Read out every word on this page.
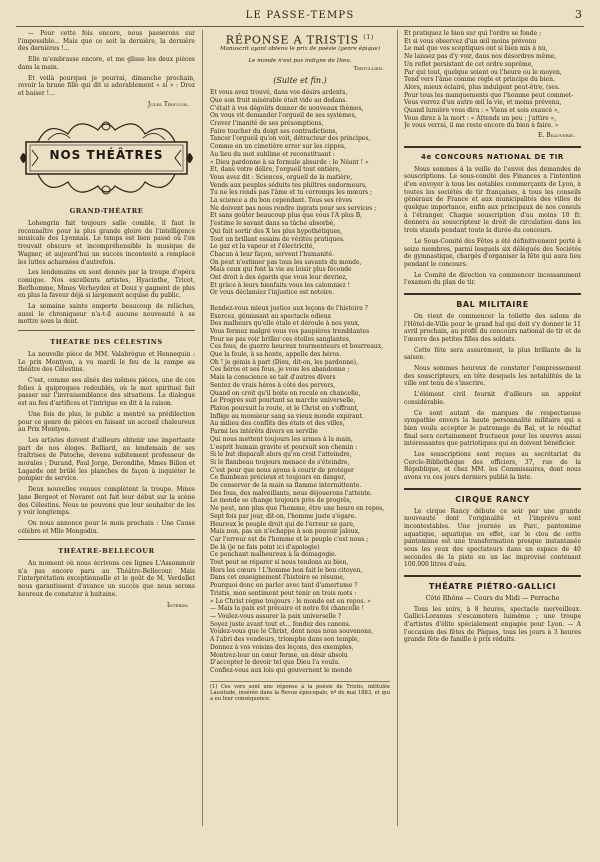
LE PASSE-TEMPS	3

— Pour cette fois encore, nous passerons sur l'impossible... Mais que ce soit la dernière, la dernière des dernières !...

Elle m'embrasse encore, et me glisse les deux pièces dans la main.

Et voilà pourquoi je pourrai, dimanche prochain, revoir la brune fille qui dit si adorablement « si » : Droz et baiser !...

Jules Troccon.
NOS THÉÂTRES
GRAND-THÉATRE

Lohengrin fait toujours salle comble, il faut le reconnaître pour la plus grande gloire de l'intelligence musicale des Lyonnais. Le temps est bien passé où l'on trouvait obscure et incompréhensible la musique de Wagner, et aujourd'hui un succès incontesté a remplacé les luttes acharnées d'autrefois.

Les lendemains en sont donnés par la troupe d'opéra comique. Nos excellents artistes, Hyacinthe, Tricot, Berlhomme, Mmes Verheyden et Douz y gagnent de plus en plus la faveur déjà si largement acquise du public.

La semaine sainte emporte beaucoup de relâches, aussi le chroniqueur n'a-t-il aucune nouveauté à se mettre sous la dent.

THÉATRE DES CÉLESTINS

La nouvelle pièce de MM. Valabrègue et Hennequin : Le prix Montyon, a vu mardi le feu de la rampe au théâtre des Célestins.

C'est, comme ses aînés des mêmes pièces, une de ces folies à quiproquos redoublés, où le mot spirituel fait passer sur l'invraisemblance des situations. Le dialogue est au feu d'artifices et l'intrigue en dit à la raison.

Une fois de plus, le public a montré sa prédilection pour ce genre de pièces en faisant un accueil chaleureux au Prix Montyon.

Les artistes doivent d'ailleurs obtenir une importante part de nos éloges. Belliard, au lendemain de ses traîtrises de Patoche, devenu subitement professeur de morales ; Durand, Paul Jorge, Derondihe, Mmes Billon et Lagarde ont brûlé les planches de façon à inquiéter le pompier de service.

Deux nouvelles venues complètent la troupe. Mmes Jane Bergeot et Novaret ont fait leur début sur la scène des Célestins. Nous ne pouvons que leur souhaiter de les y voir longtemps.

On nous annonce pour le mois prochain : Une Cause célèbre et Mlle Mongodin.

THÉATRE-BELLECOUR

Au moment où nous écrivons ces lignes L'Assommoir n'a pas encore paru au Théâtre-Bellecour. Mais l'interprétation exceptionnelle et le goût de M. Verdellet nous garantissent d'avance un succès que nous serons heureux de constater à huitaine.

Intérim.
RÉPONSE A TRISTIS $^{(1)}$
Manuscrit ayant obtenu le prix de poésie (genre épique)
Le monde n'est pas indigne de Dieu.
Tertullien.
(Suite et fin.)

Et vous avez trouvé, dans vos désirs ardents,

Que son fruit misérable était vide au dedans.

C'était à vos dégoûts donner de nouveaux thèmes,

On vous vit demander l'orgueil de ses systèmes,

Crever l'inanité de ses présomptions,

Faire toucher du doigt ses contradictions,

Tancer l'orgueil qu'on voit, détracteur des principes,

Comme en un cimetière errer sur les cippes,

Au lieu du mot sublime et reconstituant :

« Dieu pardonne à sa formule absurde : le Néant ! »

Et, dans votre délire, l'orgueil tout entière,

Vous avez dit : Sciences, orgueil de la matière,

Vends aux peuples séduits tes philtres endormeurs,

Tu ne les rends pas l'âme et tu corromps les mœurs ;

La science a du bon cependant. Tous ses rêves

Ne doivent pas nous rendre ingrats pour ses services ;

Et sans goûter beaucoup plus que vous l'A plus B,

J'estime le savant dans sa tâche absorbé,

Qui fait sortir des X les plus hypothétiques,

Tout un brillant essaim de vérités pratiques.

Le gaz et la vapeur et l'électricité,

Chacun à leur façon, servent l'humanité.

On peut n'estimer pas tous les savants du monde,

Mais ceux qui font la vie au loisir plus féconde

Ont droit à des égards que vous leur devriez,

Et grâce à leurs bienfaits vous les calomniez !

Or vous déclamiez l'injustice est notoire.

Rendez-vous mieux justice aux leçons de l'histoire ?

Exercez, gémissant au spectacle odieux

Des malheurs qu'elle étale et déroule à nos yeux,

Vous fermez malgré vous vos paupières tremblantes

Pour ne pas voir briller ces étoiles sanglantes,

Ces fous, de guerre heureux tourmenteurs et bourreaux,

Que la foule, à sa honte, appelle des héros.

Oh ! je gémis à part (Dieu, dit-on, les pardonne),

Ces héros et ses fous, je vous les abandonne ;

Mais la conscience se tait d'autres divers

Sentez de vrais héros à côté des pervers,

Quand on croit qu'il boite on recule en chancelle,

Le Progrès suit pourtant sa marche universelle,

Platon poursuit la route, et le Christ en s'offrant,

Inflige au monsieur sang sa vieux monde expirant.

Au milieu des conflits des états et des villes,

Parmi les intérêts divers en servilie

Qui nous mettent toujours les armes à la main,

L'esprit humain gravite et poursuit son chemin :

Si le but disparaît alors qu'on croit l'atteindre,

Si le flambeau toujours menace de s'éteindre,

C'est pour que nous ayons à courir de protéger

Ce flambeau précieux et toujours en danger,

De conserver de la main sa flamme intermittente.

Des fous, des malveillants, nous déjouerons l'attente.

Le monde se change toujours près de progrès,

Ne peut, non plus que l'homme, être une heure en repos,

Sept fois par jour, dit-on, l'homme juste s'égare.

Heureux le peuple droit qui de l'erreur se gare,

Mais non, pas un n'échappe à son pouvoir jaloux,

Car l'erreur est de l'homme et le peuple c'est nous ;

De là (je ne fais point ici d'apologie)

Ce penchant malheureux à la démagogie.

Tout peut se réparer si nous tendons au bien,

Hors les cœurs ! L'homme bon fait le bon citoyen,

Dans cet enseignement l'histoire se résume,

Pourquoi donc en parler avec tant d'amertume ?

Tristis, mon sentiment peut tenir en trois mots :

« Le Christ règne toujours : le monde est en repos. »

— Mais la paix est précaire et notre foi chancelle !

— Voulez-vous assurer la paix universelle ?

Soyez juste avant tout et... fondez des canons.

Voulez-vous que le Christ, dont nous nous souvenons,

A l'abri des vendeurs, triomphe dans son temple,

Donnez à vos voisins des leçons, des exemples,

Montrez-leur un cœur ferme, un désir absolu

D'accepter le devoir tel que Dieu l'a voulu.

Confiez-vous aux lois qui gouvernent le monde

(1) Ces vers sont une réponse à la poésie de Tristis, intitulée Lassitude, insérée dans la Revue épiscopale, nº de mai 1883, et qui a eu leur conséquence.

Et pratiquez le bien sur qui l'ordre se fonde ;

Et si vous observez d'un œil moins prévenu

Le mal que vos sceptiques ont si bien mis à nu,

Ne laissez pas d'y voir, dans nos désordres même,

Un reflet persistant de cet ordre suprême,

Par qui tout, quelque soient ou l'heure ou le moyen,

Tend vers l'âme comme règle et principe du bien.

Alors, mieux éclairé, plus indulgent peut-être, (ses.

Pour tous les manquements que l'homme peut commet-

Vous verrez d'un autre œil la vie, et moins prévenu,

Quand lumière vous dira : « Viens et sois exaucé »,

Vous direz à la mort : « Attends un peu ; j'attire »,

Je vous verrai, il me reste encore du bien à faire. »

E. Beauverie.
4e CONCOURS NATIONAL DE TIR

Nous sommes à la veille de l'envoi des demandes de souscriptions. Le sous-comité des Finances a l'intention d'en envoyer à tous les notables commerçants de Lyon, à toutes les sociétés de tir françaises, à tous les conseils généraux de France et aux municipalités des villes de quelque importance, enfin aux principaux de nos consuls à l'étranger. Chaque souscription d'au moins 10 fr. donnera au souscripteur le droit de circulation dans les trois stands pendant toute la durée du concours.

Le Sous-Comité des Fêtes a été définitivement porté à seize membres, parmi lesquels six délégués des Sociétés de gymnastique, chargés d'organiser la fête qui aura lieu pendant le concours.

Le Comité de direction va commencer incessamment l'examen du plan de tir.

BAL MILITAIRE

On vient de commencer la toilette des salons de l'Hôtel-de-Ville pour le grand bal qui doit s'y donner le 11 avril prochain, au profit du concours national de tir et de l'œuvre des petites filles des soldats.

Cette fête sera assurément, la plus brillante de la saison.

Nous sommes heureux de constater l'empressement des souscripteurs, en tête desquels les notabilités de la ville ont tenu de s'inscrire.

L'élément civil fournit d'ailleurs un appoint considérable.

Ce sont autant de marques de respectueuse sympathie envers la haute personnalité militaire qui a bien voulu accepter le patronage du Bal, et le résultat final sera certainement fructueux pour les œuvres aussi intéressantes que patriotiques qui en doivent bénéficier.

Les souscriptions sont reçues au secrétariat du Cercle-Bibliothèque des officiers, 37, rue de la République, et chez MM. les Commissaires, dont nous avons vu ces jours derniers publié la liste.

CIRQUE RANCY

Le cirque Rancy débute ce soir par une grande nouveauté dont l'originalité et l'imprévu sont incontestables. Une journée au Parc, pantomime aquatique, aquatique en effet, car le clou de cette pantomime est une transformation presque instantanée sous les yeux des spectateurs dans un espace de 40 secondes de la piste en un lac improvisé contenant 100.000 litres d'eau.

THÉATRE PIÉTRO-GALLICI
Côté Rhône — Cours du Midi — Perrache

Tous les soirs, à 8 heures, spectacle merveilleux. Gallici-Loramus s'escamotera luimême ; une troupe d'artistes d'élite spécialement engagée pour Lyon. — A l'occasion des fêtes de Pâques, tous les jours à 3 heures grande fête de famille à prix réduits.
